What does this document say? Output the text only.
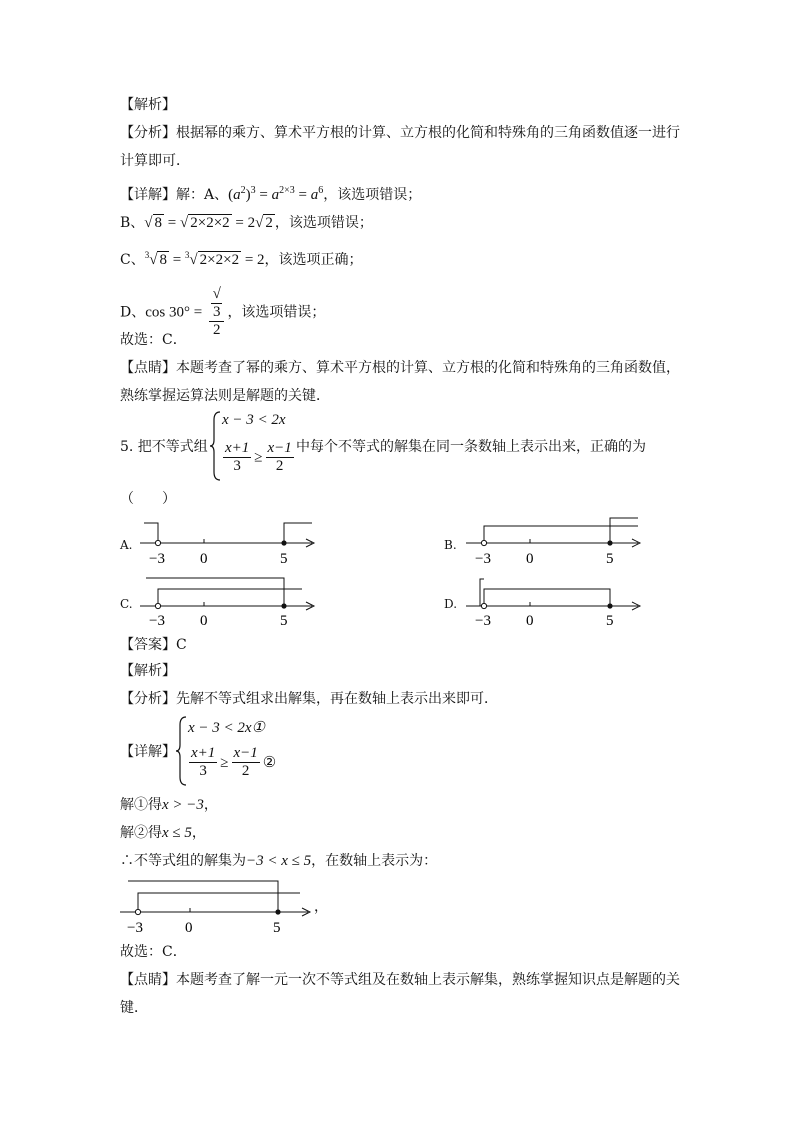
【解析】
【分析】根据幂的乘方、算术平方根的计算、立方根的化简和特殊角的三角函数值逐一进行
计算即可．
【详解】解：A、$(a^2)^3 = a^{2\times 3} = a^6$，该选项错误；
B、√ 8 = √ 2×2×2 = 2√ 2 ，该选项错误；
C、$^3$√ 8 = $^3$√ 2×2×2 = 2，该选项正确；
D、cos 30° = √
3
2 ，该选项错误；
故选：C．
【点睛】本题考查了幂的乘方、算术平方根的计算、立方根的化简和特殊角的三角函数值，
熟练掌握运算法则是解题的关键．
5. 把不等式组
x − 3 < 2x
$\frac{x+1}{3} \ge \frac{x-1}{2}$ 中每个不等式的解集在同一条数轴上表示出来，正确的为
（　　）
A.
−3 0	5
B.
−3 0	5
C.
−3 0	5
D.
−3 0	5
【答案】C
【解析】
【分析】先解不等式组求出解集，再在数轴上表示出来即可．
【详解】
x − 3 < 2x①
$\frac{x+1}{3} \ge \frac{x-1}{2}$ ②
解①得x > −3，
解②得x ≤ 5，
∴不等式组的解集为−3 < x ≤ 5，在数轴上表示为：
−3	0	5
，
故选：C．
【点睛】本题考查了解一元一次不等式组及在数轴上表示解集，熟练掌握知识点是解题的关
键．
